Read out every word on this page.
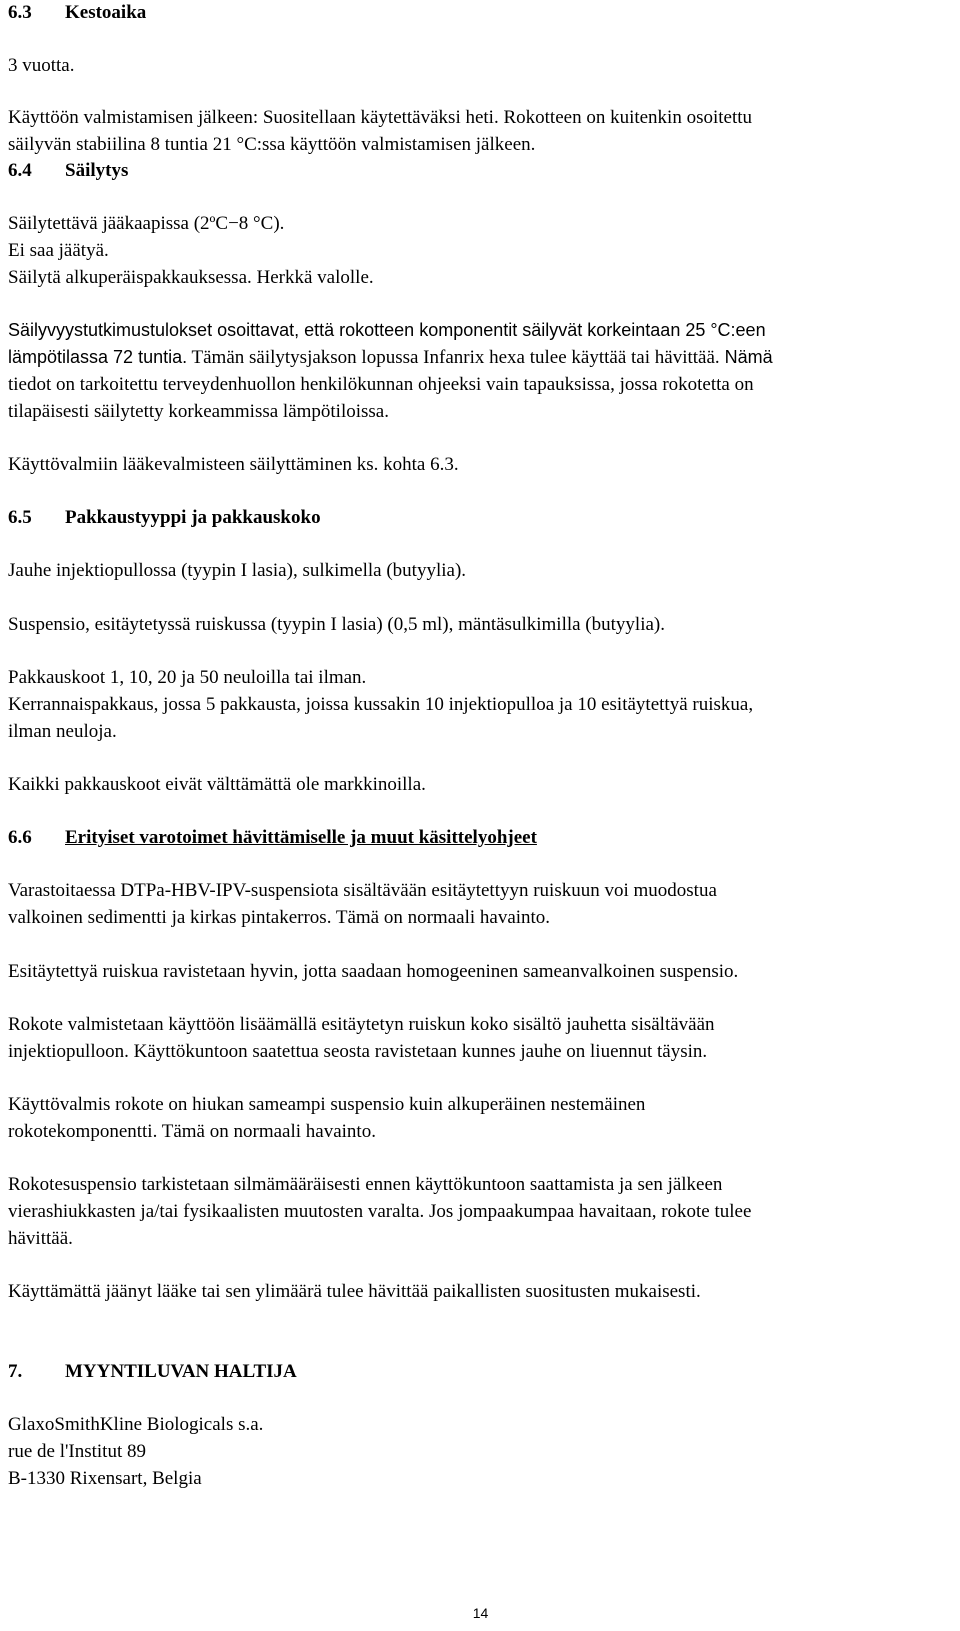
6.3 Kestoaika
3 vuotta.
Käyttöön valmistamisen jälkeen: Suositellaan käytettäväksi heti. Rokotteen on kuitenkin osoitettu
säilyvän stabiilina 8 tuntia 21 °C:ssa käyttöön valmistamisen jälkeen.
6.4 Säilytys
Säilytettävä jääkaapissa (2ºC−8 °C).
Ei saa jäätyä.
Säilytä alkuperäispakkauksessa. Herkkä valolle.
Säilyvyystutkimustulokset osoittavat, että rokotteen komponentit säilyvät korkeintaan 25 °C:een
lämpötilassa 72 tuntia. Tämän säilytysjakson lopussa Infanrix hexa tulee käyttää tai hävittää. Nämä
tiedot on tarkoitettu terveydenhuollon henkilökunnan ohjeeksi vain tapauksissa, jossa rokotetta on
tilapäisesti säilytetty korkeammissa lämpötiloissa.
Käyttövalmiin lääkevalmisteen säilyttäminen ks. kohta 6.3.
6.5 Pakkaustyyppi ja pakkauskoko
Jauhe injektiopullossa (tyypin I lasia), sulkimella (butyylia).
Suspensio, esitäytetyssä ruiskussa (tyypin I lasia) (0,5 ml), mäntäsulkimilla (butyylia).
Pakkauskoot 1, 10, 20 ja 50 neuloilla tai ilman.
Kerrannaispakkaus, jossa 5 pakkausta, joissa kussakin 10 injektiopulloa ja 10 esitäytettyä ruiskua,
ilman neuloja.
Kaikki pakkauskoot eivät välttämättä ole markkinoilla.
6.6 Erityiset varotoimet hävittämiselle ja muut käsittelyohjeet
Varastoitaessa DTPa-HBV-IPV-suspensiota sisältävään esitäytettyyn ruiskuun voi muodostua
valkoinen sedimentti ja kirkas pintakerros. Tämä on normaali havainto.
Esitäytettyä ruiskua ravistetaan hyvin, jotta saadaan homogeeninen sameanvalkoinen suspensio.
Rokote valmistetaan käyttöön lisäämällä esitäytetyn ruiskun koko sisältö jauhetta sisältävään
injektiopulloon. Käyttökuntoon saatettua seosta ravistetaan kunnes jauhe on liuennut täysin.
Käyttövalmis rokote on hiukan sameampi suspensio kuin alkuperäinen nestemäinen
rokotekomponentti. Tämä on normaali havainto.
Rokotesuspensio tarkistetaan silmämääräisesti ennen käyttökuntoon saattamista ja sen jälkeen
vierashiukkasten ja/tai fysikaalisten muutosten varalta. Jos jompaakumpaa havaitaan, rokote tulee
hävittää.
Käyttämättä jäänyt lääke tai sen ylimäärä tulee hävittää paikallisten suositusten mukaisesti.
7. MYYNTILUVAN HALTIJA
GlaxoSmithKline Biologicals s.a.
rue de l'Institut 89
B-1330 Rixensart, Belgia
14
